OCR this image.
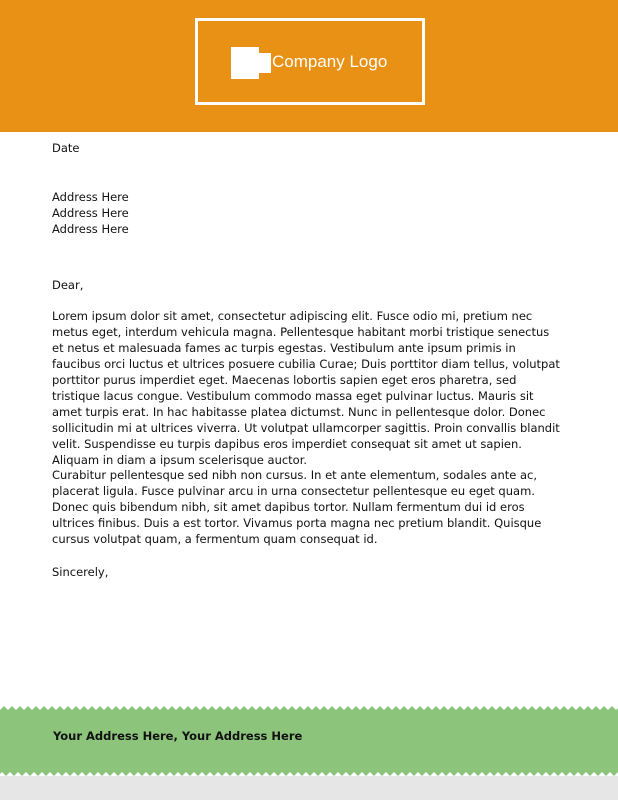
Company Logo
Date
Address Here
Address Here
Address Here
Dear,

Lorem ipsum dolor sit amet, consectetur adipiscing elit. Fusce odio mi, pretium nec metus eget, interdum vehicula magna. Pellentesque habitant morbi tristique senectus et netus et malesuada fames ac turpis egestas. Vestibulum ante ipsum primis in faucibus orci luctus et ultrices posuere cubilia Curae; Duis porttitor diam tellus, volutpat porttitor purus imperdiet eget. Maecenas lobortis sapien eget eros pharetra, sed tristique lacus congue. Vestibulum commodo massa eget pulvinar luctus. Mauris sit amet turpis erat. In hac habitasse platea dictumst. Nunc in pellentesque dolor. Donec sollicitudin mi at ultrices viverra. Ut volutpat ullamcorper sagittis. Proin convallis blandit velit. Suspendisse eu turpis dapibus eros imperdiet consequat sit amet ut sapien. Aliquam in diam a ipsum scelerisque auctor.

Curabitur pellentesque sed nibh non cursus. In et ante elementum, sodales ante ac, placerat ligula. Fusce pulvinar arcu in urna consectetur pellentesque eu eget quam. Donec quis bibendum nibh, sit amet dapibus tortor. Nullam fermentum dui id eros ultrices finibus. Duis a est tortor. Vivamus porta magna nec pretium blandit. Quisque cursus volutpat quam, a fermentum quam consequat id.

Sincerely,
Your Address Here, Your Address Here
